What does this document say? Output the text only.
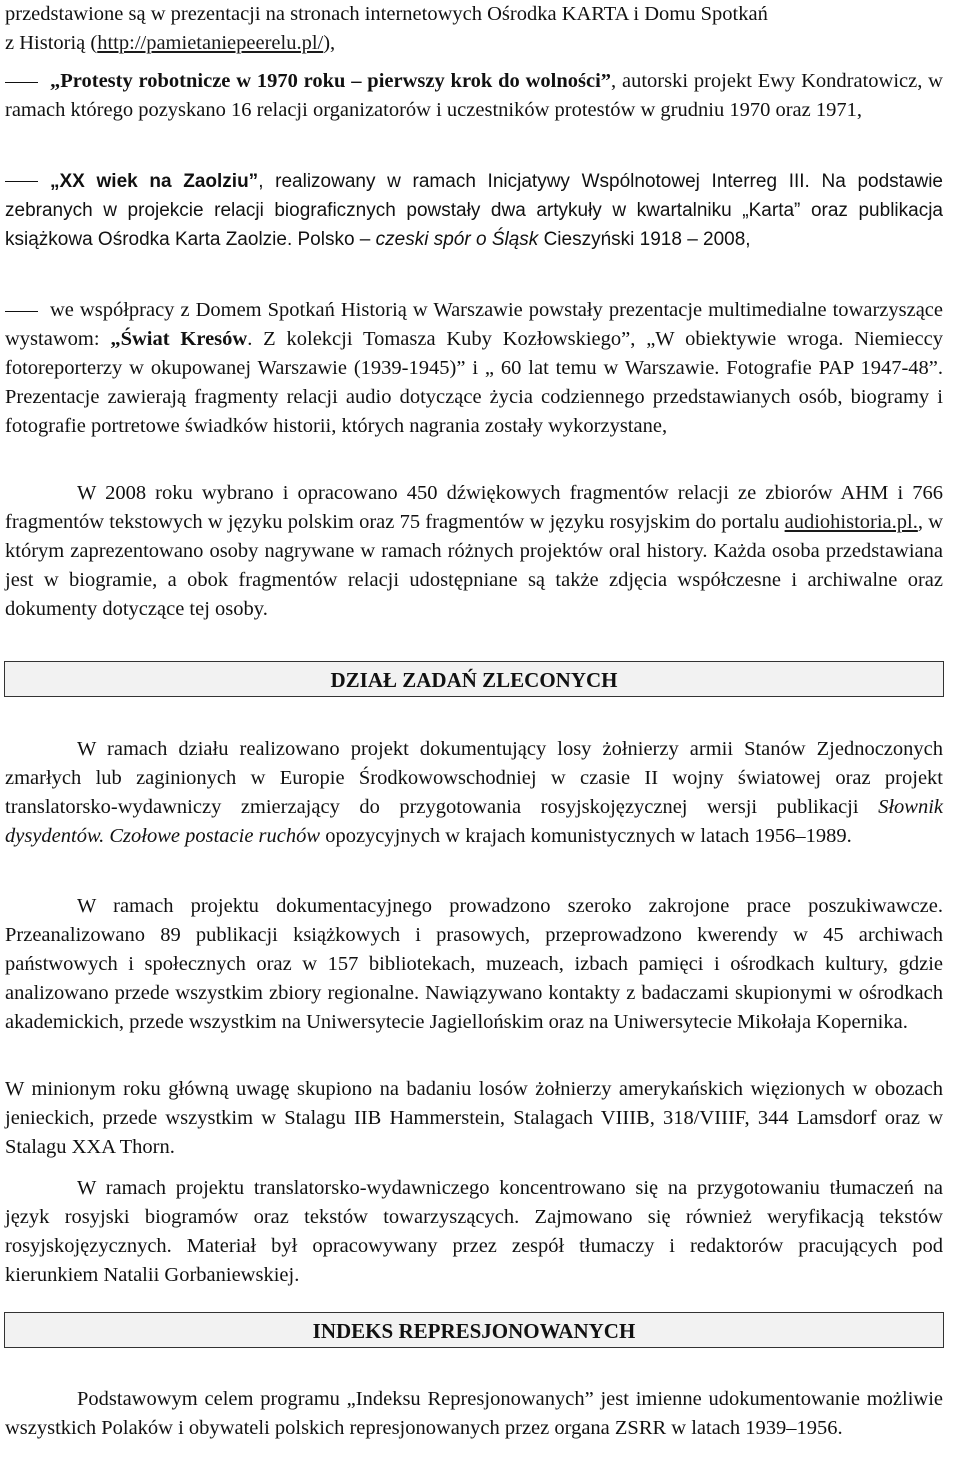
przedstawione są w prezentacji na stronach internetowych Ośrodka KARTA i Domu Spotkań
z Historią (http://pamietaniepeerelu.pl/),

„Protesty robotnicze w 1970 roku – pierwszy krok do wolności”, autorski projekt Ewy Kondratowicz, w ramach którego pozyskano 16 relacji organizatorów i uczestników protestów w grudniu 1970 oraz 1971,

„XX wiek na Zaolziu”, realizowany w ramach Inicjatywy Wspólnotowej Interreg III. Na podstawie zebranych w projekcie relacji biograficznych powstały dwa artykuły w kwartalniku „Karta” oraz publikacja książkowa Ośrodka Karta Zaolzie. Polsko – czeski spór o Śląsk Cieszyński 1918 – 2008,

we współpracy z Domem Spotkań Historią w Warszawie powstały prezentacje multimedialne towarzyszące wystawom: „Świat Kresów. Z kolekcji Tomasza Kuby Kozłowskiego”, „W obiektywie wroga. Niemieccy fotoreporterzy w okupowanej Warszawie (1939-1945)” i „ 60 lat temu w Warszawie. Fotografie PAP 1947-48”. Prezentacje zawierają fragmenty relacji audio dotyczące życia codziennego przedstawianych osób, biogramy i fotografie portretowe świadków historii, których nagrania zostały wykorzystane,

W 2008 roku wybrano i opracowano 450 dźwiękowych fragmentów relacji ze zbiorów AHM i 766 fragmentów tekstowych w języku polskim oraz 75 fragmentów w języku rosyjskim do portalu audiohistoria.pl., w którym zaprezentowano osoby nagrywane w ramach różnych projektów oral history. Każda osoba przedstawiana jest w biogramie, a obok fragmentów relacji udostępniane są także zdjęcia współczesne i archiwalne oraz dokumenty dotyczące tej osoby.

DZIAŁ ZADAŃ ZLECONYCH

W ramach działu realizowano projekt dokumentujący losy żołnierzy armii Stanów Zjednoczonych zmarłych lub zaginionych w Europie Środkowowschodniej w czasie II wojny światowej oraz projekt translatorsko-wydawniczy zmierzający do przygotowania rosyjskojęzycznej wersji publikacji Słownik dysydentów. Czołowe postacie ruchów opozycyjnych w krajach komunistycznych w latach 1956–1989.

W ramach projektu dokumentacyjnego prowadzono szeroko zakrojone prace poszukiwawcze. Przeanalizowano 89 publikacji książkowych i prasowych, przeprowadzono kwerendy w 45 archiwach państwowych i społecznych oraz w 157 bibliotekach, muzeach, izbach pamięci i ośrodkach kultury, gdzie analizowano przede wszystkim zbiory regionalne. Nawiązywano kontakty z badaczami skupionymi w ośrodkach akademickich, przede wszystkim na Uniwersytecie Jagiellońskim oraz na Uniwersytecie Mikołaja Kopernika.

W minionym roku główną uwagę skupiono na badaniu losów żołnierzy amerykańskich więzionych w obozach jenieckich, przede wszystkim w Stalagu IIB Hammerstein, Stalagach VIIIB, 318/VIIIF, 344 Lamsdorf oraz w Stalagu XXA Thorn.

W ramach projektu translatorsko-wydawniczego koncentrowano się na przygotowaniu tłumaczeń na język rosyjski biogramów oraz tekstów towarzyszących. Zajmowano się również weryfikacją tekstów rosyjskojęzycznych. Materiał był opracowywany przez zespół tłumaczy i redaktorów pracujących pod kierunkiem Natalii Gorbaniewskiej.

INDEKS REPRESJONOWANYCH

Podstawowym celem programu „Indeksu Represjonowanych” jest imienne udokumentowanie możliwie wszystkich Polaków i obywateli polskich represjonowanych przez organa ZSRR w latach 1939–1956.
